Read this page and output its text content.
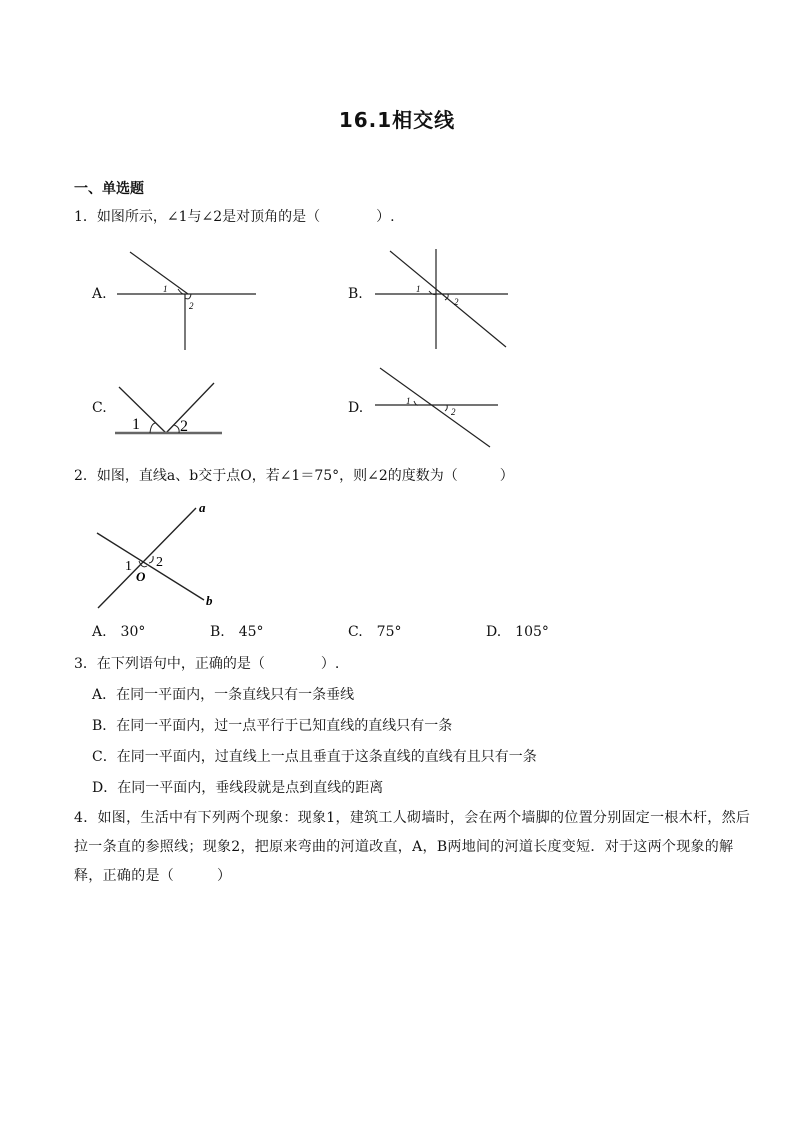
16.1相交线
一、单选题
1．如图所示，∠1与∠2是对顶角的是（　　　　）.
A.	1
2
B.	1
2
C.
1	2
D.	1
2
2．如图，直线a、b交于点O，若∠1＝75°，则∠2的度数为（　　　）
a
b
O
1 2
A.　30°	B.　45°	C.　75°	D.　105°
3．在下列语句中，正确的是（　　　　）.
A．在同一平面内，一条直线只有一条垂线
B．在同一平面内，过一点平行于已知直线的直线只有一条
C．在同一平面内，过直线上一点且垂直于这条直线的直线有且只有一条
D．在同一平面内，垂线段就是点到直线的距离
4．如图，生活中有下列两个现象：现象1，建筑工人砌墙时，会在两个墙脚的位置分别固定一根木杆，然后拉一条直的参照线；现象2，把原来弯曲的河道改直，A，B两地间的河道长度变短．对于这两个现象的解释，正确的是（　　　）
